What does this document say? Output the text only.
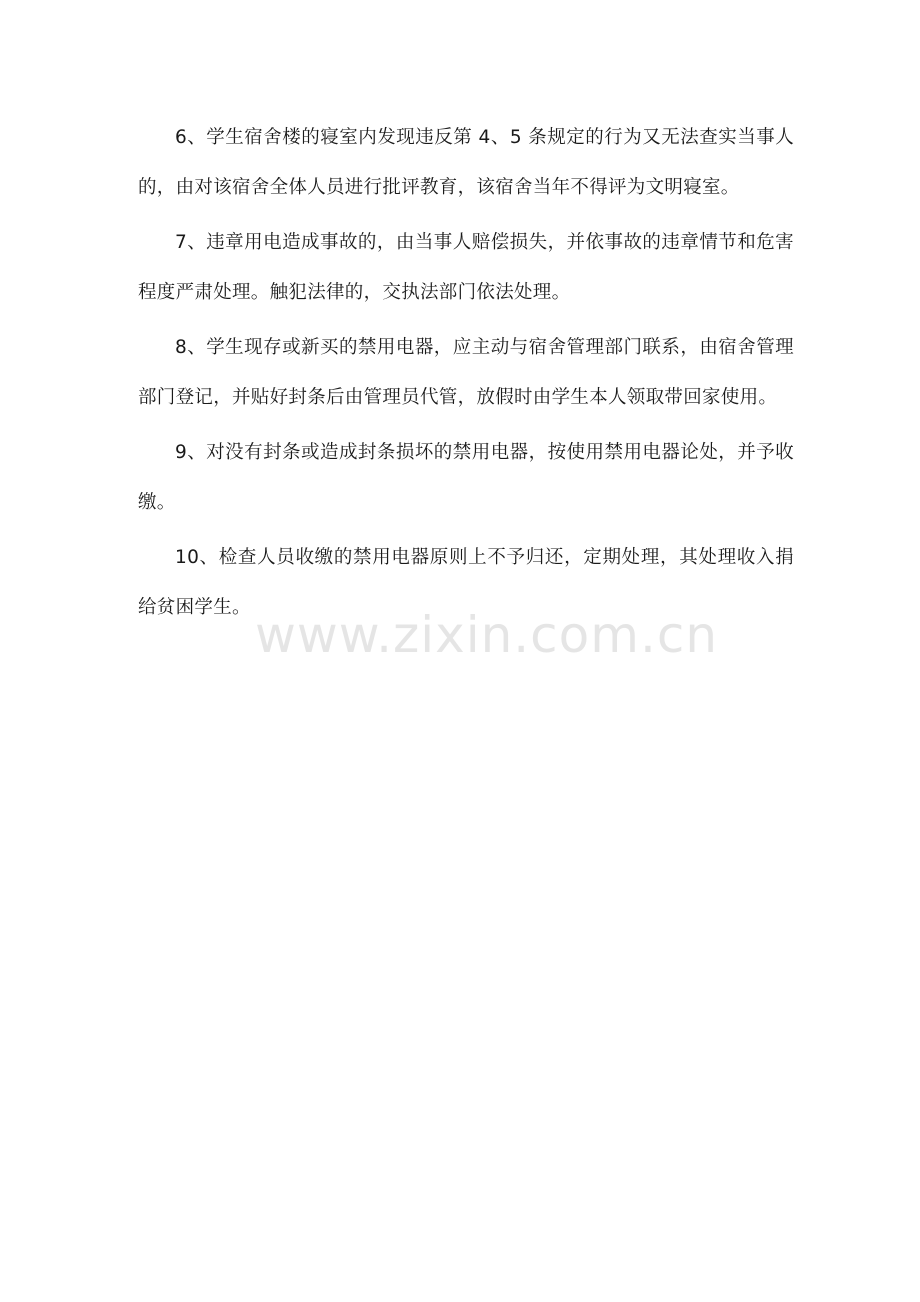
6、学生宿舍楼的寝室内发现违反第 4、5 条规定的行为又无法查实当事人的，由对该宿舍全体人员进行批评教育，该宿舍当年不得评为文明寝室。

7、违章用电造成事故的，由当事人赔偿损失，并依事故的违章情节和危害程度严肃处理。触犯法律的，交执法部门依法处理。

8、学生现存或新买的禁用电器，应主动与宿舍管理部门联系，由宿舍管理部门登记，并贴好封条后由管理员代管，放假时由学生本人领取带回家使用。

9、对没有封条或造成封条损坏的禁用电器，按使用禁用电器论处，并予收缴。

10、检查人员收缴的禁用电器原则上不予归还，定期处理，其处理收入捐给贫困学生。 www.zixin.com.cn
